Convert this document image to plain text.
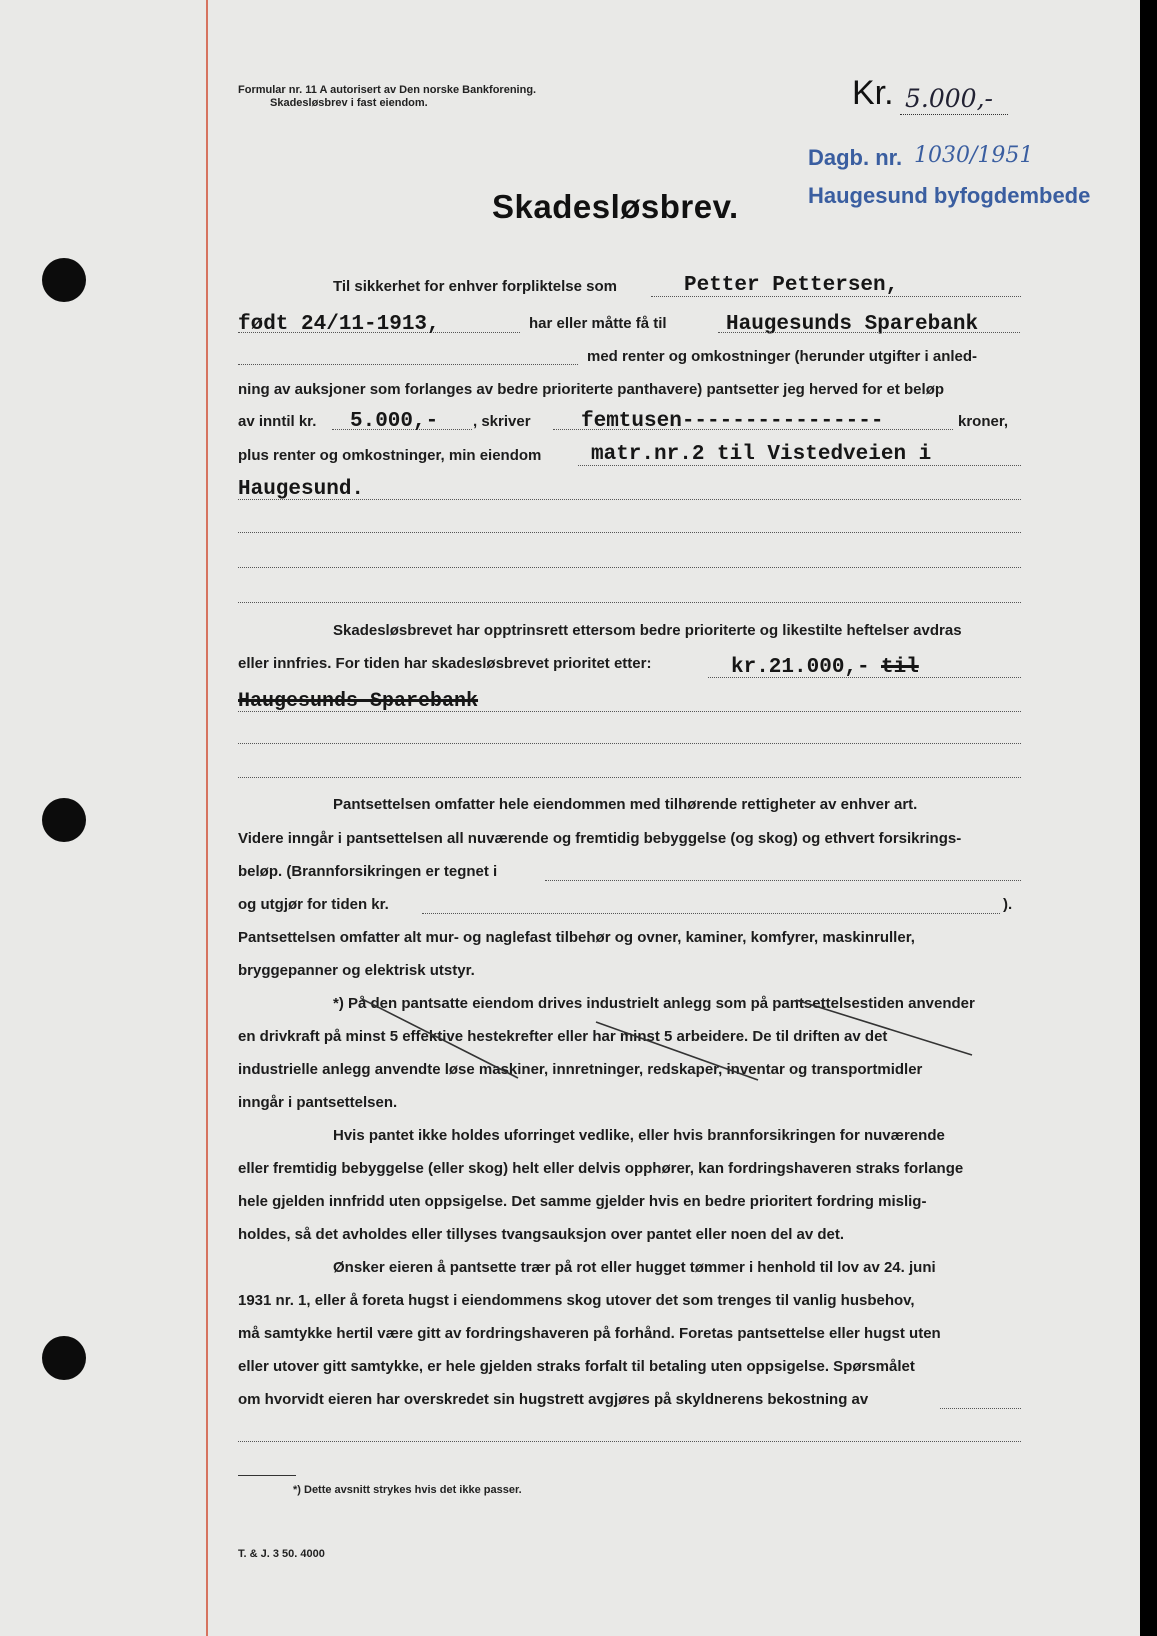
Formular nr. 11 A autorisert av Den norske Bankforening.
Skadesløsbrev i fast eiendom.	Kr. 5.000,-
Dagb. nr. 1030/1951
Haugesund byfogdembede
Skadesløsbrev.
Til sikkerhet for enhver forpliktelse som	Petter Pettersen,
født 24/11-1913,	har eller måtte få til	Haugesunds Sparebank
med renter og omkostninger (herunder utgifter i anled-
ning av auksjoner som forlanges av bedre prioriterte panthavere) pantsetter jeg herved for et beløp
av inntil kr. 5.000,- , skriver femtusen----------------	kroner,
plus renter og omkostninger, min eiendom matr.nr.2 til Vistedveien i
Haugesund.
Skadesløsbrevet har opptrinsrett ettersom bedre prioriterte og likestilte heftelser avdras
eller innfries. For tiden har skadesløsbrevet prioritet etter:	kr.21.000,- til
Haugesunds Sparebank
Pantsettelsen omfatter hele eiendommen med tilhørende rettigheter av enhver art.
Videre inngår i pantsettelsen all nuværende og fremtidig bebyggelse (og skog) og ethvert forsikrings-
beløp. (Brannforsikringen er tegnet i
og utgjør for tiden kr.	).
Pantsettelsen omfatter alt mur- og naglefast tilbehør og ovner, kaminer, komfyrer, maskinruller,
bryggepanner og elektrisk utstyr.
*) På den pantsatte eiendom drives industrielt anlegg som på pantsettelsestiden anvender
en drivkraft på minst 5 effektive hestekrefter eller har minst 5 arbeidere. De til driften av det
industrielle anlegg anvendte løse maskiner, innretninger, redskaper, inventar og transportmidler
inngår i pantsettelsen.
Hvis pantet ikke holdes uforringet vedlike, eller hvis brannforsikringen for nuværende
eller fremtidig bebyggelse (eller skog) helt eller delvis opphører, kan fordringshaveren straks forlange
hele gjelden innfridd uten oppsigelse. Det samme gjelder hvis en bedre prioritert fordring mislig-
holdes, så det avholdes eller tillyses tvangsauksjon over pantet eller noen del av det.
Ønsker eieren å pantsette trær på rot eller hugget tømmer i henhold til lov av 24. juni
1931 nr. 1, eller å foreta hugst i eiendommens skog utover det som trenges til vanlig husbehov,
må samtykke hertil være gitt av fordringshaveren på forhånd. Foretas pantsettelse eller hugst uten
eller utover gitt samtykke, er hele gjelden straks forfalt til betaling uten oppsigelse. Spørsmålet
om hvorvidt eieren har overskredet sin hugstrett avgjøres på skyldnerens bekostning av
*) Dette avsnitt strykes hvis det ikke passer.
T. & J. 3 50. 4000
